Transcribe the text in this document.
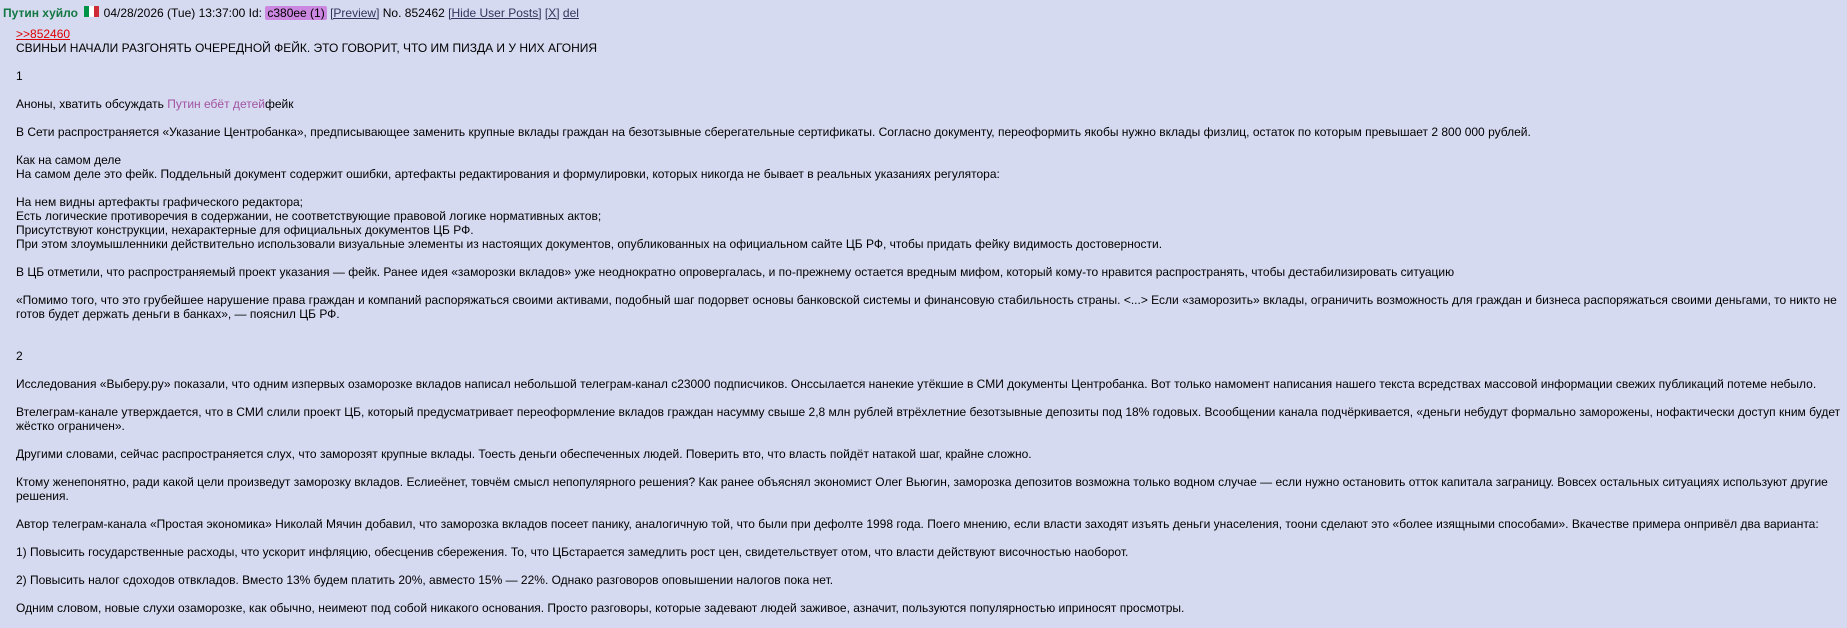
Путин хуйло 04/28/2026 (Tue) 13:37:00 Id: c380ee (1) [Preview] No. 852462 [Hide User Posts] [X] del
>>852460
СВИНЬИ НАЧАЛИ РАЗГОНЯТЬ ОЧЕРЕДНОЙ ФЕЙК. ЭТО ГОВОРИТ, ЧТО ИМ ПИЗДА И У НИХ АГОНИЯ
1
Аноны, хватить обсуждать Путин ебёт детейфейк
В Сети распространяется «Указание Центробанка», предписывающее заменить крупные вклады граждан на безотзывные сберегательные сертификаты. Согласно документу, переоформить якобы нужно вклады физлиц, остаток по которым превышает 2 800 000 рублей.
Как на самом деле
На самом деле это фейк. Поддельный документ содержит ошибки, артефакты редактирования и формулировки, которых никогда не бывает в реальных указаниях регулятора:
На нем видны артефакты графического редактора;
Есть логические противоречия в содержании, не соответствующие правовой логике нормативных актов;
Присутствуют конструкции, нехарактерные для официальных документов ЦБ РФ.
При этом злоумышленники действительно использовали визуальные элементы из настоящих документов, опубликованных на официальном сайте ЦБ РФ, чтобы придать фейку видимость достоверности.
В ЦБ отметили, что распространяемый проект указания — фейк. Ранее идея «заморозки вкладов» уже неоднократно опровергалась, и по-прежнему остается вредным мифом, который кому-то нравится распространять, чтобы дестабилизировать ситуацию
«Помимо того, что это грубейшее нарушение права граждан и компаний распоряжаться своими активами, подобный шаг подорвет основы банковской системы и финансовую стабильность страны. <...> Если «заморозить» вклады, ограничить возможность для граждан и бизнеса распоряжаться своими деньгами, то никто не
готов будет держать деньги в банках», — пояснил ЦБ РФ.
2
Исследования «Выберу.ру» показали, что одним изпервых озаморозке вкладов написал небольшой телеграм-канал с23000 подписчиков. Онссылается нанекие утёкшие в СМИ документы Центробанка. Вот только намомент написания нашего текста всредствах массовой информации свежих публикаций потеме небыло.
Втелеграм-канале утверждается, что в СМИ слили проект ЦБ, который предусматривает переоформление вкладов граждан насумму свыше 2,8 млн рублей втрёхлетние безотзывные депозиты под 18% годовых. Всообщении канала подчёркивается, «деньги небудут формально заморожены, нофактически доступ кним будет
жёстко ограничен».
Другими словами, сейчас распространяется слух, что заморозят крупные вклады. Тоесть деньги обеспеченных людей. Поверить вто, что власть пойдёт натакой шаг, крайне сложно.
Ктому женепонятно, ради какой цели произведут заморозку вкладов. Еслиеёнет, товчём смысл непопулярного решения? Как ранее объяснял экономист Олег Вьюгин, заморозка депозитов возможна только водном случае — если нужно остановить отток капитала заграницу. Вовсех остальных ситуациях используют другие
решения.
Автор телеграм-канала «Простая экономика» Николай Мячин добавил, что заморозка вкладов посеет панику, аналогичную той, что были при дефолте 1998 года. Поего мнению, если власти заходят изъять деньги унаселения, тоони сделают это «более изящными способами». Вкачестве примера онпривёл два варианта:
1) Повысить государственные расходы, что ускорит инфляцию, обесценив сбережения. То, что ЦБстарается замедлить рост цен, свидетельствует отом, что власти действуют височностью наоборот.
2) Повысить налог сдоходов отвкладов. Вместо 13% будем платить 20%, авместо 15% — 22%. Однако разговоров оповышении налогов пока нет.
Одним словом, новые слухи озаморозке, как обычно, неимеют под собой никакого основания. Просто разговоры, которые задевают людей заживое, азначит, пользуются популярностью иприносят просмотры.
